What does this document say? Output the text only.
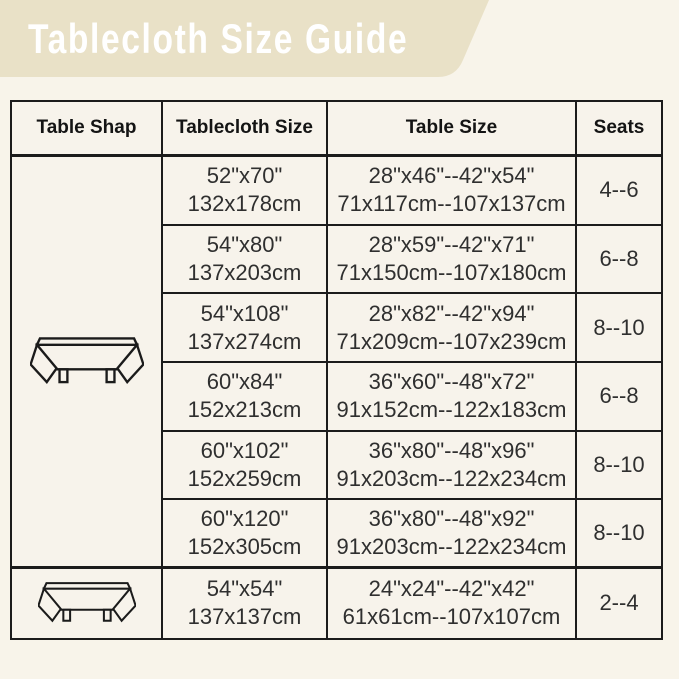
Tablecloth Size Guide
Table Shap Tablecloth Size	Table Size	Seats
52"x70"
132x178cm
28"x46"--42"x54"
71x117cm--107x137cm
4--6
54"x80"
137x203cm
28"x59"--42"x71"
71x150cm--107x180cm
6--8
54"x108"
137x274cm
28"x82"--42"x94"
71x209cm--107x239cm
8--10
60"x84"
152x213cm
36"x60"--48"x72"
91x152cm--122x183cm
6--8
60"x102"
152x259cm
36"x80"--48"x96"
91x203cm--122x234cm
8--10
60"x120"
152x305cm
36"x80"--48"x92"
91x203cm--122x234cm
8--10
54"x54"
137x137cm
24"x24"--42"x42"
61x61cm--107x107cm
2--4
